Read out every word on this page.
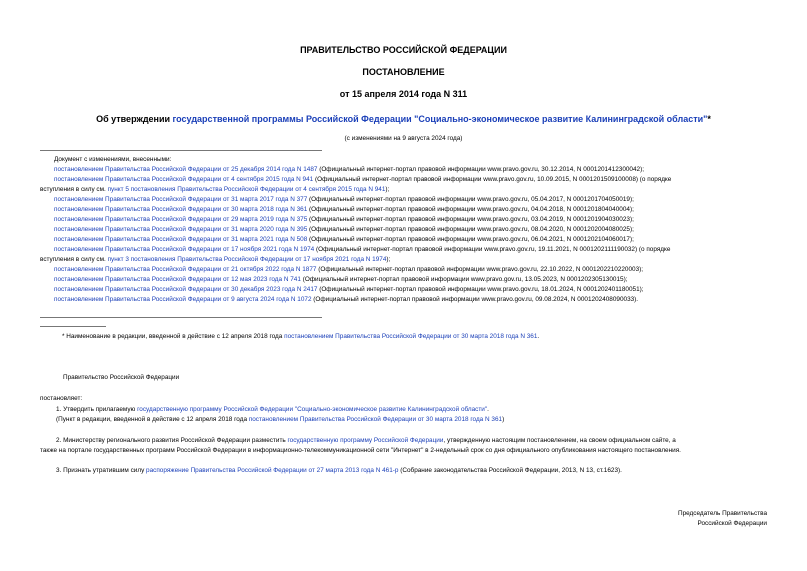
ПРАВИТЕЛЬСТВО РОССИЙСКОЙ ФЕДЕРАЦИИ
ПОСТАНОВЛЕНИЕ
от 15 апреля 2014 года N 311
Об утверждении государственной программы Российской Федерации "Социально-экономическое развитие Калининградской области"*
(с изменениями на 9 августа 2024 года)
Документ с изменениями, внесенными:
постановлением Правительства Российской Федерации от 25 декабря 2014 года N 1487 (Официальный интернет-портал правовой информации www.pravo.gov.ru, 30.12.2014, N 0001201412300042);
постановлением Правительства Российской Федерации от 4 сентября 2015 года N 941 (Официальный интернет-портал правовой информации www.pravo.gov.ru, 10.09.2015, N 0001201509100008) (о порядке
вступления в силу см. пункт 5 постановления Правительства Российской Федерации от 4 сентября 2015 года N 941);
постановлением Правительства Российской Федерации от 31 марта 2017 года N 377 (Официальный интернет-портал правовой информации www.pravo.gov.ru, 05.04.2017, N 0001201704050019);
постановлением Правительства Российской Федерации от 30 марта 2018 года N 361 (Официальный интернет-портал правовой информации www.pravo.gov.ru, 04.04.2018, N 0001201804040004);
постановлением Правительства Российской Федерации от 29 марта 2019 года N 375 (Официальный интернет-портал правовой информации www.pravo.gov.ru, 03.04.2019, N 0001201904030023);
постановлением Правительства Российской Федерации от 31 марта 2020 года N 395 (Официальный интернет-портал правовой информации www.pravo.gov.ru, 08.04.2020, N 0001202004080025);
постановлением Правительства Российской Федерации от 31 марта 2021 года N 508 (Официальный интернет-портал правовой информации www.pravo.gov.ru, 06.04.2021, N 0001202104060017);
постановлением Правительства Российской Федерации от 17 ноября 2021 года N 1974 (Официальный интернет-портал правовой информации www.pravo.gov.ru, 19.11.2021, N 0001202111190032) (о порядке
вступления в силу см. пункт 3 постановления Правительства Российской Федерации от 17 ноября 2021 года N 1974);
постановлением Правительства Российской Федерации от 21 октября 2022 года N 1877 (Официальный интернет-портал правовой информации www.pravo.gov.ru, 22.10.2022, N 0001202210220003);
постановлением Правительства Российской Федерации от 12 мая 2023 года N 741 (Официальный интернет-портал правовой информации www.pravo.gov.ru, 13.05.2023, N 0001202305130015);
постановлением Правительства Российской Федерации от 30 декабря 2023 года N 2417 (Официальный интернет-портал правовой информации www.pravo.gov.ru, 18.01.2024, N 0001202401180051);
постановлением Правительства Российской Федерации от 9 августа 2024 года N 1072 (Официальный интернет-портал правовой информации www.pravo.gov.ru, 09.08.2024, N 0001202408090033).
* Наименование в редакции, введенной в действие с 12 апреля 2018 года постановлением Правительства Российской Федерации от 30 марта 2018 года N 361.
Правительство Российской Федерации
постановляет:
1. Утвердить прилагаемую государственную программу Российской Федерации "Социально-экономическое развитие Калининградской области".
(Пункт в редакции, введенной в действие с 12 апреля 2018 года постановлением Правительства Российской Федерации от 30 марта 2018 года N 361)
2. Министерству регионального развития Российской Федерации разместить государственную программу Российской Федерации, утвержденную настоящим постановлением, на своем официальном сайте, а
также на портале государственных программ Российской Федерации в информационно-телекоммуникационной сети "Интернет" в 2-недельный срок со дня официального опубликования настоящего постановления.
3. Признать утратившим силу распоряжение Правительства Российской Федерации от 27 марта 2013 года N 461-р (Собрание законодательства Российской Федерации, 2013, N 13, ст.1623).
Председатель Правительства
Российской Федерации
